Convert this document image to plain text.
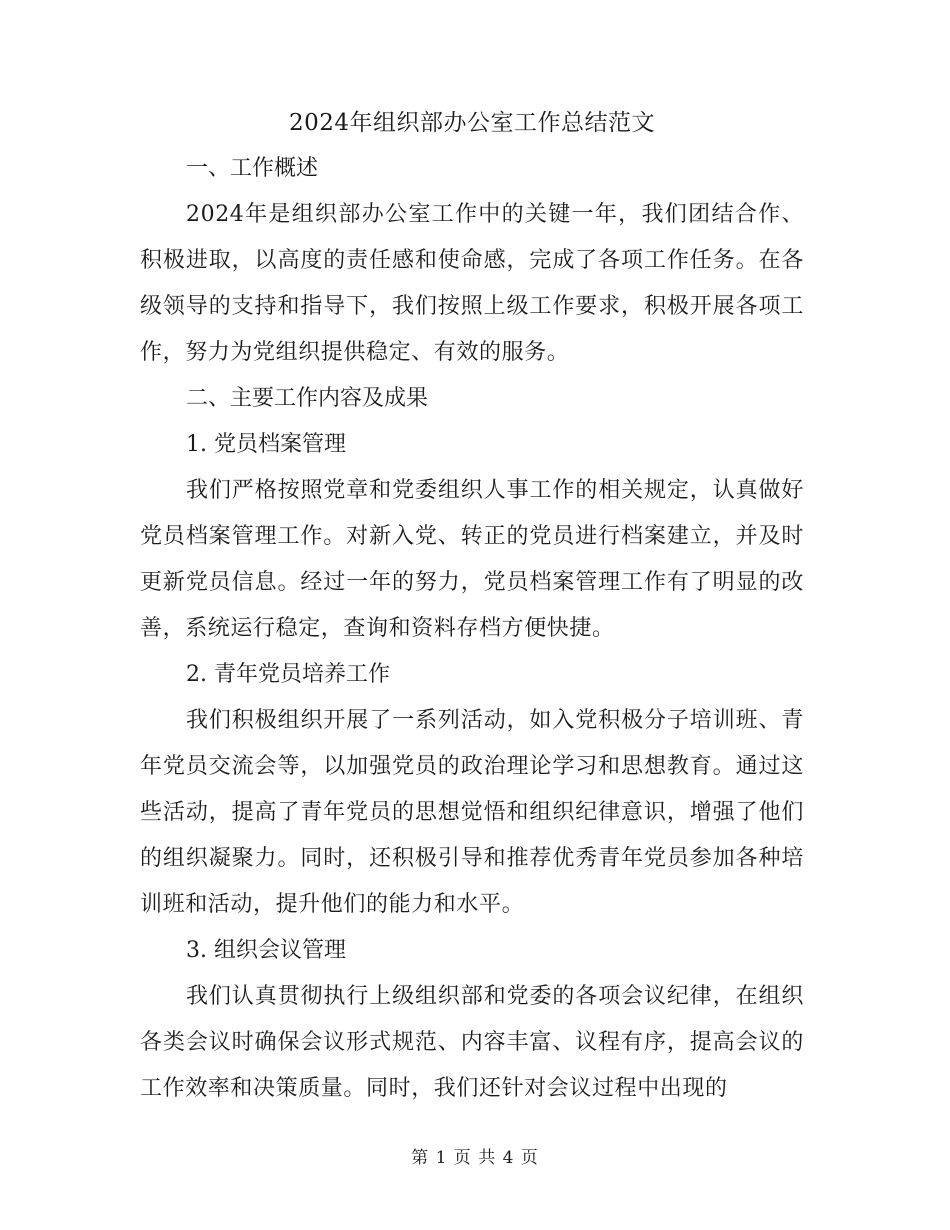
2024年组织部办公室工作总结范文

一、工作概述

2024年是组织部办公室工作中的关键一年，我们团结合作、积极进取，以高度的责任感和使命感，完成了各项工作任务。在各级领导的支持和指导下，我们按照上级工作要求，积极开展各项工作，努力为党组织提供稳定、有效的服务。

二、主要工作内容及成果

1. 党员档案管理

我们严格按照党章和党委组织人事工作的相关规定，认真做好党员档案管理工作。对新入党、转正的党员进行档案建立，并及时更新党员信息。经过一年的努力，党员档案管理工作有了明显的改善，系统运行稳定，查询和资料存档方便快捷。

2. 青年党员培养工作

我们积极组织开展了一系列活动，如入党积极分子培训班、青年党员交流会等，以加强党员的政治理论学习和思想教育。通过这些活动，提高了青年党员的思想觉悟和组织纪律意识，增强了他们的组织凝聚力。同时，还积极引导和推荐优秀青年党员参加各种培训班和活动，提升他们的能力和水平。

3. 组织会议管理

我们认真贯彻执行上级组织部和党委的各项会议纪律，在组织各类会议时确保会议形式规范、内容丰富、议程有序，提高会议的工作效率和决策质量。同时，我们还针对会议过程中出现的

第 1 页 共 4 页
